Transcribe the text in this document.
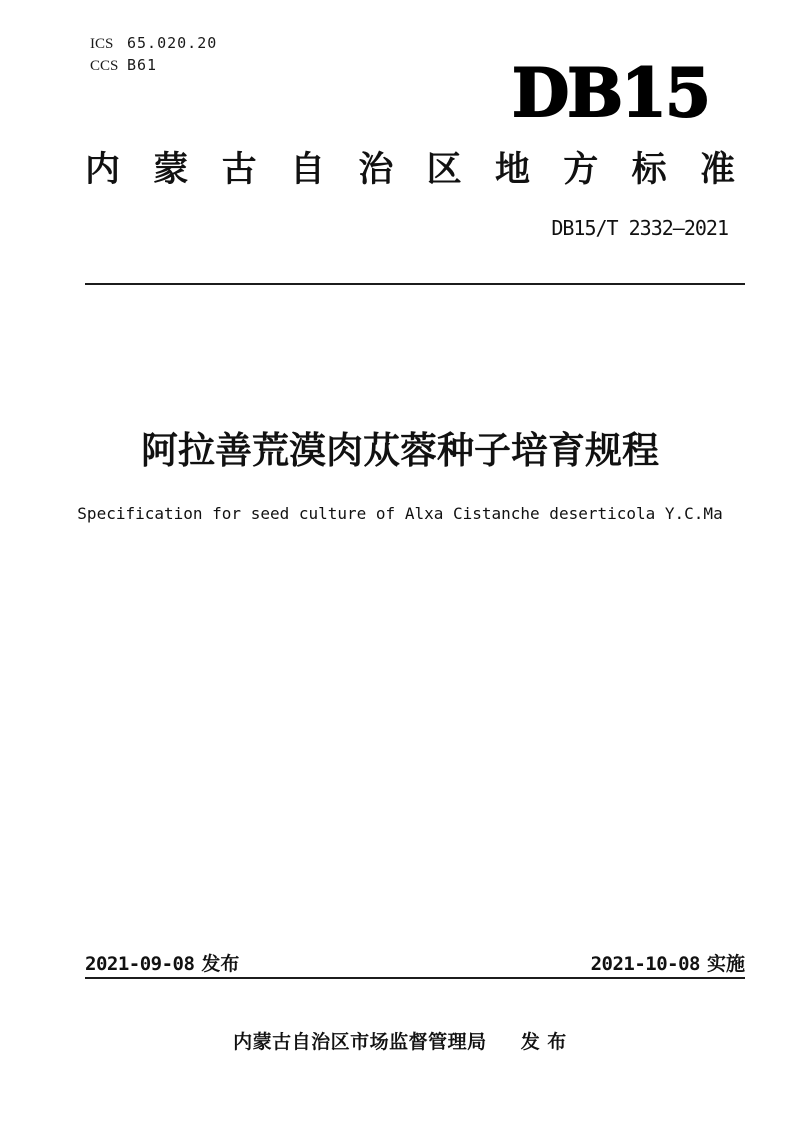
ICS 65.020.20
CCS B61	DB15
内 蒙 古 自 治 区 地 方 标 准
DB15/T 2332—2021
阿拉善荒漠肉苁蓉种子培育规程
Specification for seed culture of Alxa Cistanche deserticola Y.C.Ma
2021-09-08 发布	2021-10-08 实施
内蒙古自治区市场监督管理局 发 布
